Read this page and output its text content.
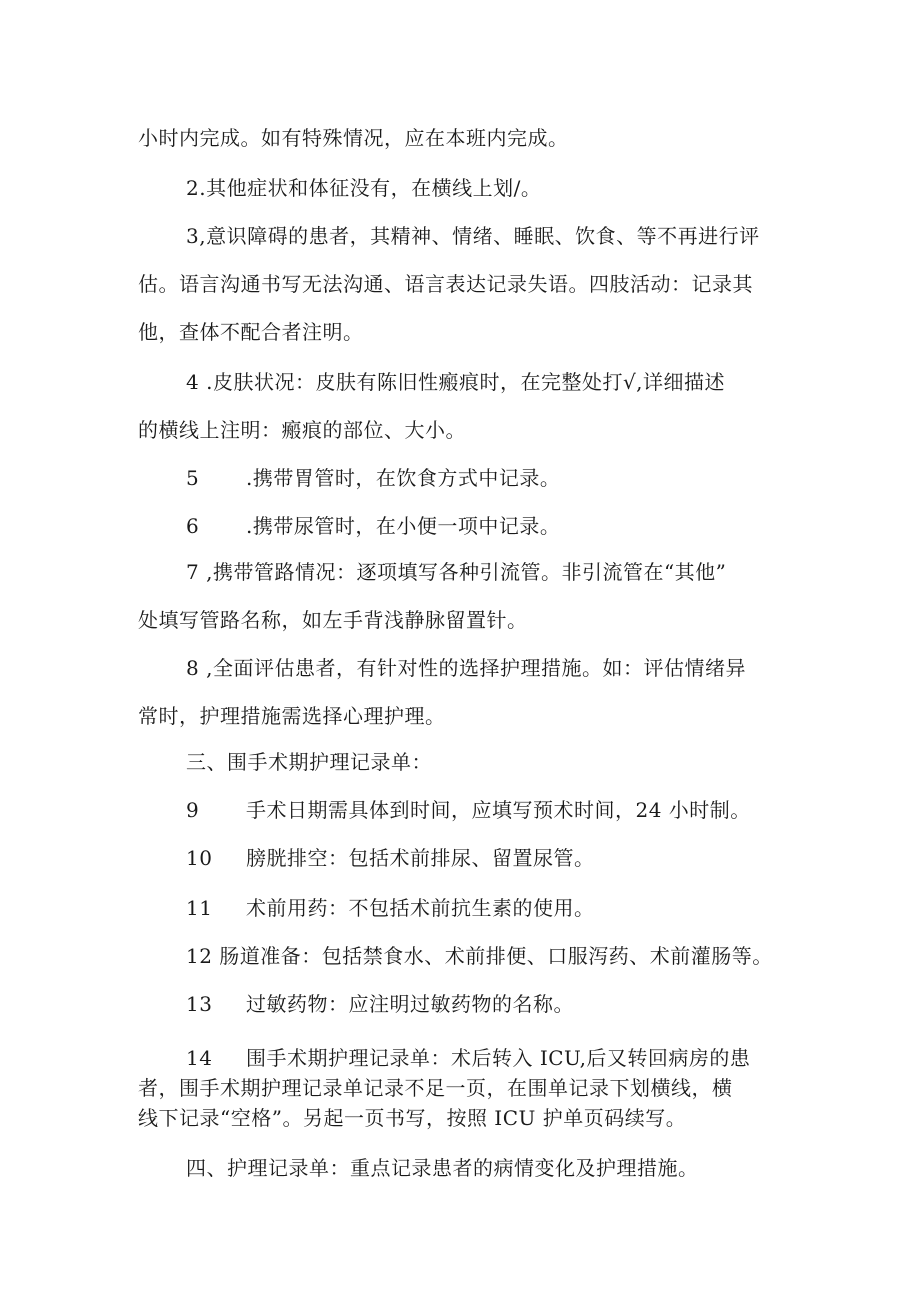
小时内完成。如有特殊情况，应在本班内完成。
2.其他症状和体征没有，在横线上划/。
3,意识障碍的患者，其精神、情绪、睡眠、饮食、等不再进行评
估。语言沟通书写无法沟通、语言表达记录失语。四肢活动：记录其
他，查体不配合者注明。
4 .皮肤状况：皮肤有陈旧性瘢痕时，在完整处打√,详细描述
的横线上注明：瘢痕的部位、大小。
5 .携带胃管时，在饮食方式中记录。
6 .携带尿管时，在小便一项中记录。
7 ,携带管路情况：逐项填写各种引流管。非引流管在“其他”
处填写管路名称，如左手背浅静脉留置针。
8 ,全面评估患者，有针对性的选择护理措施。如：评估情绪异
常时，护理措施需选择心理护理。
三、围手术期护理记录单：
9 手术日期需具体到时间，应填写预术时间，24 小时制。
10 膀胱排空：包括术前排尿、留置尿管。
11 术前用药：不包括术前抗生素的使用。
12 肠道准备：包括禁食水、术前排便、口服泻药、术前灌肠等。
13 过敏药物：应注明过敏药物的名称。
14 围手术期护理记录单：术后转入 ICU,后又转回病房的患
者，围手术期护理记录单记录不足一页，在围单记录下划横线，横
线下记录“空格”。另起一页书写，按照 ICU 护单页码续写。
四、护理记录单：重点记录患者的病情变化及护理措施。
